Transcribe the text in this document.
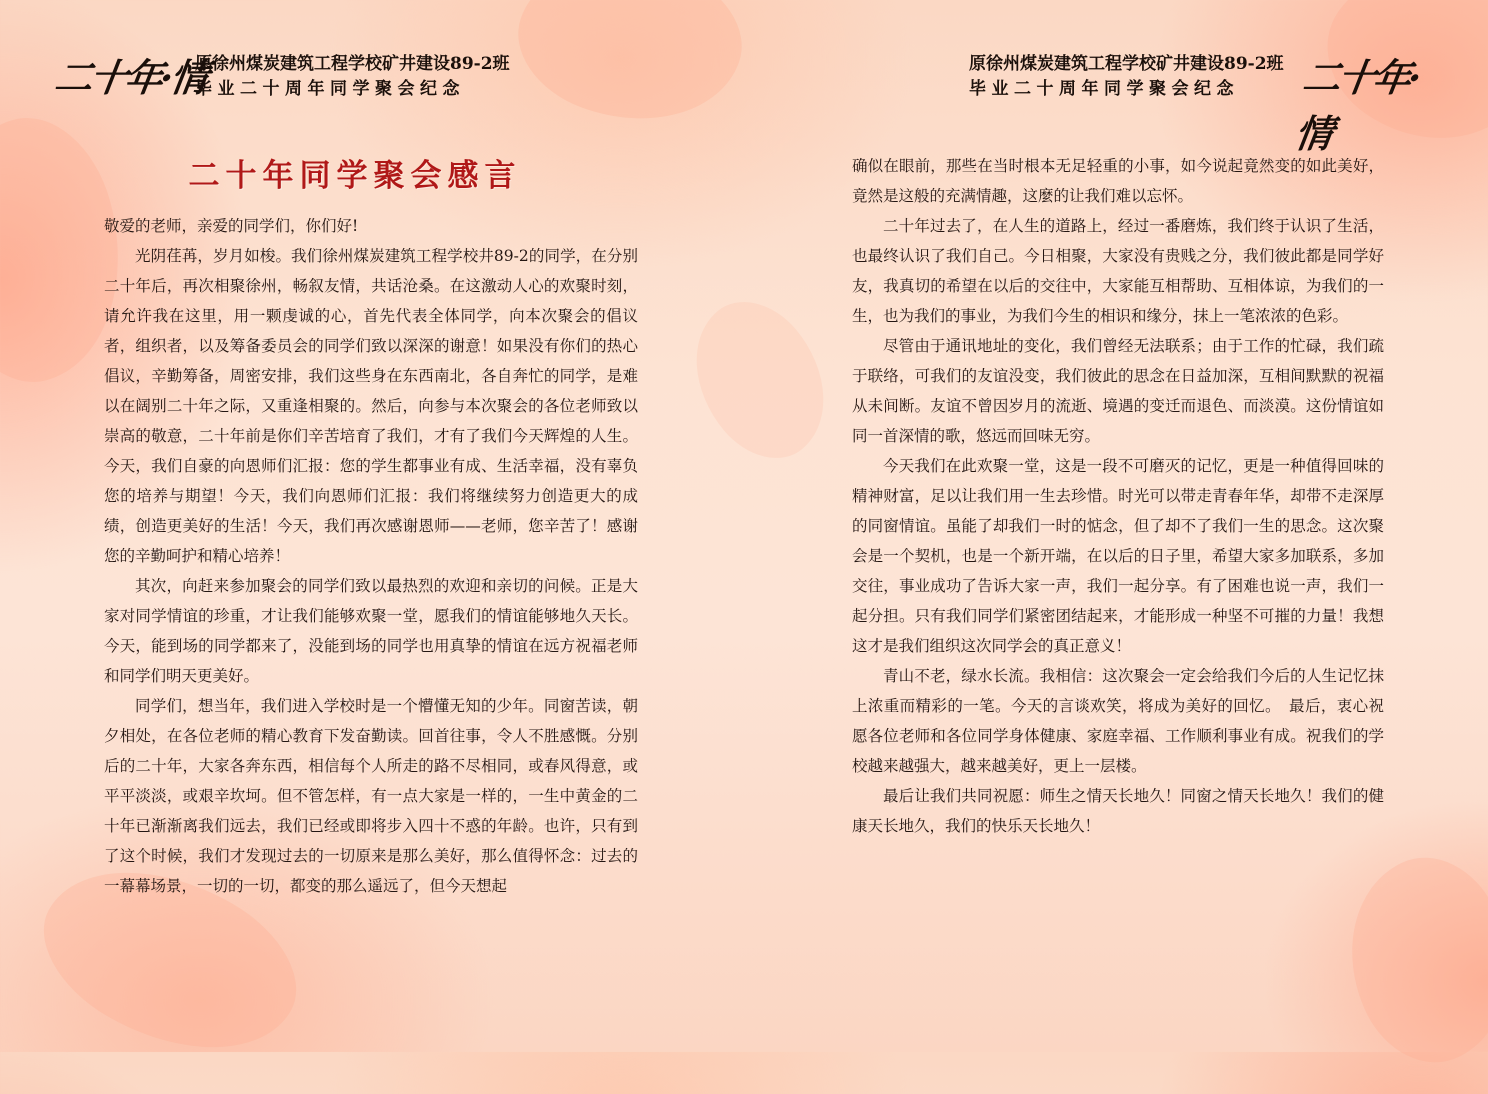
二十年·情
原徐州煤炭建筑工程学校矿井建设89-2班
毕业二十周年同学聚会纪念
二十年同学聚会感言

敬爱的老师，亲爱的同学们，你们好!

光阴荏苒，岁月如梭。我们徐州煤炭建筑工程学校井89-2的同学，在分别二十年后，再次相聚徐州，畅叙友情，共话沧桑。在这激动人心的欢聚时刻，请允许我在这里，用一颗虔诚的心，首先代表全体同学，向本次聚会的倡议者，组织者，以及筹备委员会的同学们致以深深的谢意！如果没有你们的热心倡议，辛勤筹备，周密安排，我们这些身在东西南北，各自奔忙的同学，是难以在阔别二十年之际，又重逢相聚的。然后，向参与本次聚会的各位老师致以崇高的敬意，二十年前是你们辛苦培育了我们，才有了我们今天辉煌的人生。今天，我们自豪的向恩师们汇报：您的学生都事业有成、生活幸福，没有辜负您的培养与期望！今天，我们向恩师们汇报：我们将继续努力创造更大的成绩，创造更美好的生活！今天，我们再次感谢恩师——老师，您辛苦了！感谢您的辛勤呵护和精心培养！

其次，向赶来参加聚会的同学们致以最热烈的欢迎和亲切的问候。正是大家对同学情谊的珍重，才让我们能够欢聚一堂，愿我们的情谊能够地久天长。今天，能到场的同学都来了，没能到场的同学也用真挚的情谊在远方祝福老师和同学们明天更美好。

同学们，想当年，我们进入学校时是一个懵懂无知的少年。同窗苦读，朝夕相处，在各位老师的精心教育下发奋勤读。回首往事，令人不胜感慨。分别后的二十年，大家各奔东西，相信每个人所走的路不尽相同，或春风得意，或平平淡淡，或艰辛坎坷。但不管怎样，有一点大家是一样的，一生中黄金的二十年已渐渐离我们远去，我们已经或即将步入四十不惑的年龄。也许，只有到了这个时候，我们才发现过去的一切原来是那么美好，那么值得怀念：过去的一幕幕场景，一切的一切，都变的那么遥远了，但今天想起

原徐州煤炭建筑工程学校矿井建设89-2班
毕业二十周年同学聚会纪念	二十年·情

确似在眼前，那些在当时根本无足轻重的小事，如今说起竟然变的如此美好，竟然是这般的充满情趣，这麼的让我们难以忘怀。

二十年过去了，在人生的道路上，经过一番磨炼，我们终于认识了生活，也最终认识了我们自己。今日相聚，大家没有贵贱之分，我们彼此都是同学好友，我真切的希望在以后的交往中，大家能互相帮助、互相体谅，为我们的一生，也为我们的事业，为我们今生的相识和缘分，抹上一笔浓浓的色彩。

尽管由于通讯地址的变化，我们曾经无法联系；由于工作的忙碌，我们疏于联络，可我们的友谊没变，我们彼此的思念在日益加深，互相间默默的祝福从未间断。友谊不曾因岁月的流逝、境遇的变迁而退色、而淡漠。这份情谊如同一首深情的歌，悠远而回味无穷。

今天我们在此欢聚一堂，这是一段不可磨灭的记忆，更是一种值得回味的精神财富，足以让我们用一生去珍惜。时光可以带走青春年华，却带不走深厚的同窗情谊。虽能了却我们一时的惦念，但了却不了我们一生的思念。这次聚会是一个契机，也是一个新开端，在以后的日子里，希望大家多加联系，多加交往，事业成功了告诉大家一声，我们一起分享。有了困难也说一声，我们一起分担。只有我们同学们紧密团结起来，才能形成一种坚不可摧的力量！我想这才是我们组织这次同学会的真正意义！

青山不老，绿水长流。我相信：这次聚会一定会给我们今后的人生记忆抹上浓重而精彩的一笔。今天的言谈欢笑，将成为美好的回忆。　最后，衷心祝愿各位老师和各位同学身体健康、家庭幸福、工作顺利事业有成。祝我们的学校越来越强大，越来越美好，更上一层楼。

最后让我们共同祝愿：师生之情天长地久！同窗之情天长地久！我们的健康天长地久，我们的快乐天长地久！
